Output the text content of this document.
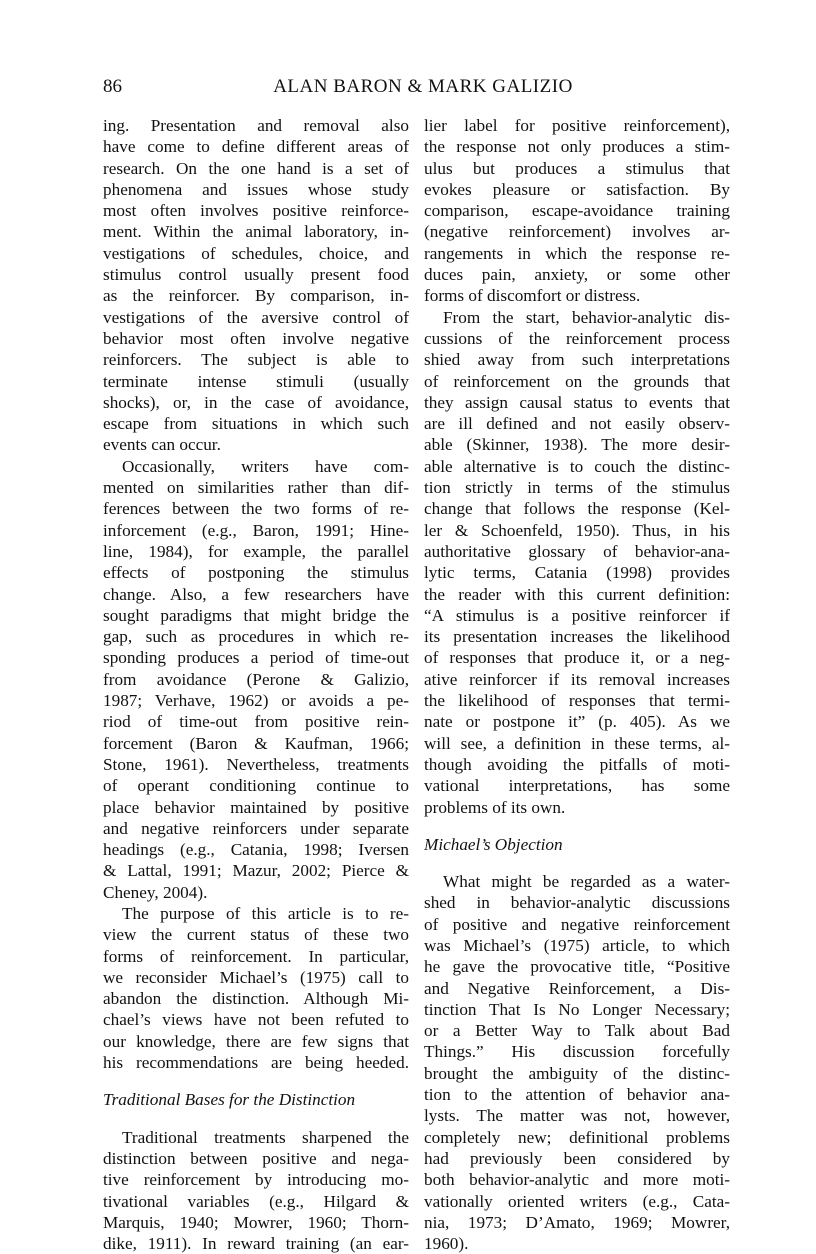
86	ALAN BARON & MARK GALIZIO
ing. Presentation and removal also
have come to define different areas of
research. On the one hand is a set of
phenomena and issues whose study
most often involves positive reinforce-
ment. Within the animal laboratory, in-
vestigations of schedules, choice, and
stimulus control usually present food
as the reinforcer. By comparison, in-
vestigations of the aversive control of
behavior most often involve negative
reinforcers. The subject is able to
terminate intense stimuli (usually
shocks), or, in the case of avoidance,
escape from situations in which such
events can occur.
Occasionally, writers have com-
mented on similarities rather than dif-
ferences between the two forms of re-
inforcement (e.g., Baron, 1991; Hine-
line, 1984), for example, the parallel
effects of postponing the stimulus
change. Also, a few researchers have
sought paradigms that might bridge the
gap, such as procedures in which re-
sponding produces a period of time-out
from avoidance (Perone & Galizio,
1987; Verhave, 1962) or avoids a pe-
riod of time-out from positive rein-
forcement (Baron & Kaufman, 1966;
Stone, 1961). Nevertheless, treatments
of operant conditioning continue to
place behavior maintained by positive
and negative reinforcers under separate
headings (e.g., Catania, 1998; Iversen
& Lattal, 1991; Mazur, 2002; Pierce &
Cheney, 2004).
The purpose of this article is to re-
view the current status of these two
forms of reinforcement. In particular,
we reconsider Michael’s (1975) call to
abandon the distinction. Although Mi-
chael’s views have not been refuted to
our knowledge, there are few signs that
his recommendations are being heeded.
Traditional Bases for the Distinction
Traditional treatments sharpened the
distinction between positive and nega-
tive reinforcement by introducing mo-
tivational variables (e.g., Hilgard &
Marquis, 1940; Mowrer, 1960; Thorn-
dike, 1911). In reward training (an ear-
lier label for positive reinforcement),
the response not only produces a stim-
ulus but produces a stimulus that
evokes pleasure or satisfaction. By
comparison, escape-avoidance training
(negative reinforcement) involves ar-
rangements in which the response re-
duces pain, anxiety, or some other
forms of discomfort or distress.
From the start, behavior-analytic dis-
cussions of the reinforcement process
shied away from such interpretations
of reinforcement on the grounds that
they assign causal status to events that
are ill defined and not easily observ-
able (Skinner, 1938). The more desir-
able alternative is to couch the distinc-
tion strictly in terms of the stimulus
change that follows the response (Kel-
ler & Schoenfeld, 1950). Thus, in his
authoritative glossary of behavior-ana-
lytic terms, Catania (1998) provides
the reader with this current definition:
“A stimulus is a positive reinforcer if
its presentation increases the likelihood
of responses that produce it, or a neg-
ative reinforcer if its removal increases
the likelihood of responses that termi-
nate or postpone it” (p. 405). As we
will see, a definition in these terms, al-
though avoiding the pitfalls of moti-
vational interpretations, has some
problems of its own.
Michael’s Objection
What might be regarded as a water-
shed in behavior-analytic discussions
of positive and negative reinforcement
was Michael’s (1975) article, to which
he gave the provocative title, “Positive
and Negative Reinforcement, a Dis-
tinction That Is No Longer Necessary;
or a Better Way to Talk about Bad
Things.” His discussion forcefully
brought the ambiguity of the distinc-
tion to the attention of behavior ana-
lysts. The matter was not, however,
completely new; definitional problems
had previously been considered by
both behavior-analytic and more moti-
vationally oriented writers (e.g., Cata-
nia, 1973; D’Amato, 1969; Mowrer,
1960).
